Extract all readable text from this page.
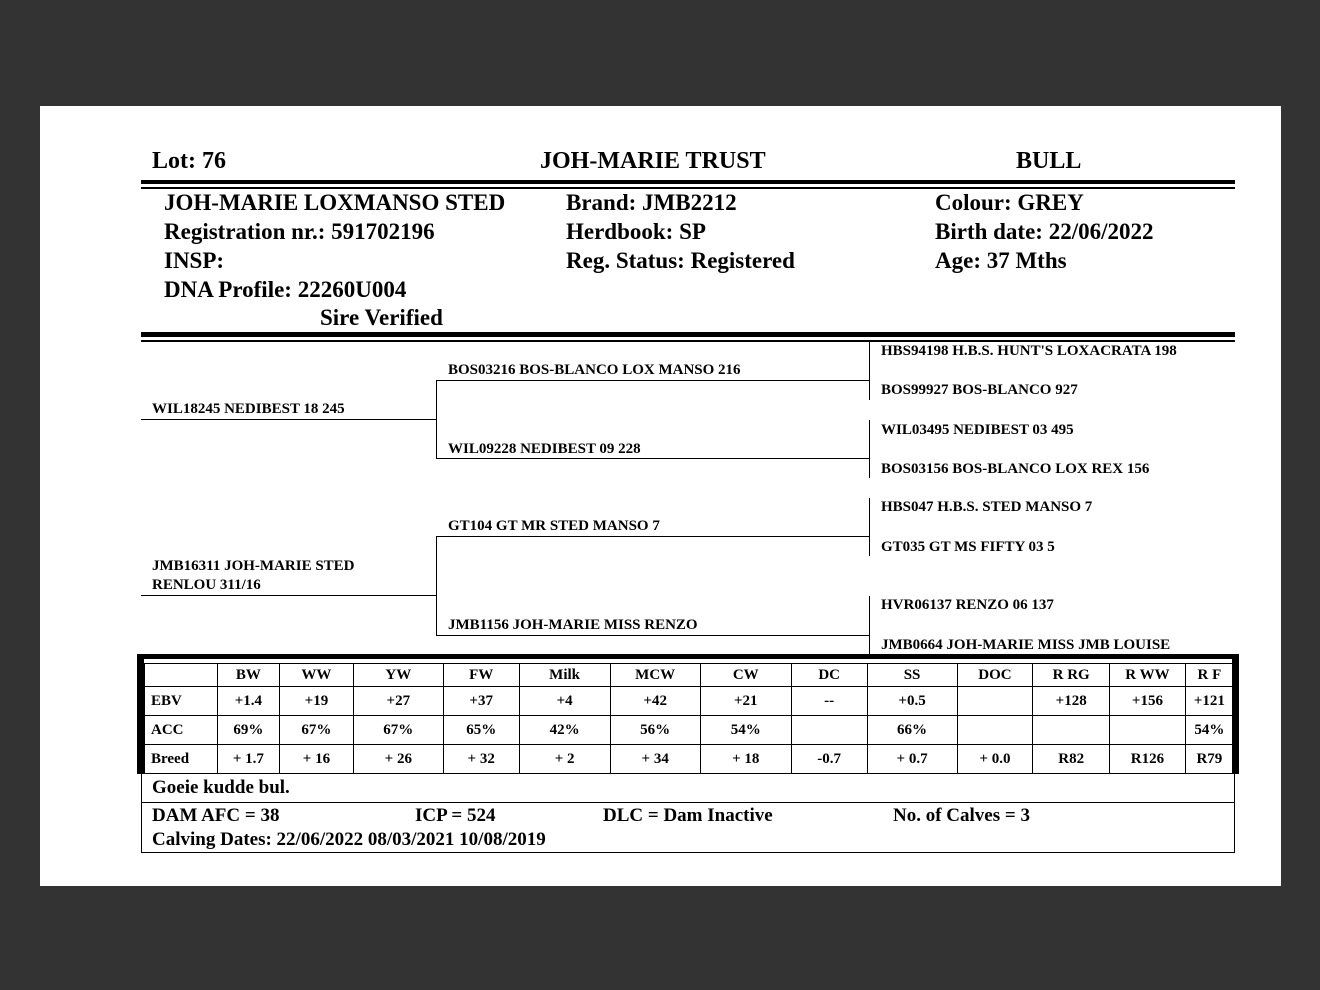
Lot: 76	JOH-MARIE TRUST	BULL
JOH-MARIE LOXMANSO STED
Registration nr.: 591702196
INSP:
DNA Profile: 22260U004
Sire Verified
Brand: JMB2212
Herdbook: SP
Reg. Status: Registered
Colour: GREY
Birth date: 22/06/2022
Age: 37 Mths
WIL18245 NEDIBEST 18 245
JMB16311 JOH-MARIE STED
RENLOU 311/16
BOS03216 BOS-BLANCO LOX MANSO 216
WIL09228 NEDIBEST 09 228
GT104 GT MR STED MANSO 7
JMB1156 JOH-MARIE MISS RENZO
HBS94198 H.B.S. HUNT'S LOXACRATA 198
BOS99927 BOS-BLANCO 927
WIL03495 NEDIBEST 03 495
BOS03156 BOS-BLANCO LOX REX 156
HBS047 H.B.S. STED MANSO 7
GT035 GT MS FIFTY 03 5
HVR06137 RENZO 06 137
JMB0664 JOH-MARIE MISS JMB LOUISE
	BW	WW	YW	FW	Milk	MCW	CW	DC	SS	DOC	R RG	R WW	R F
EBV	+1.4	+19	+27	+37	+4	+42	+21	--	+0.5		+128	+156	+121
ACC	69%	67%	67%	65%	42%	56%	54%		66%				54%
Breed	+ 1.7	+ 16	+ 26	+ 32	+ 2	+ 34	+ 18	-0.7	+ 0.7	+ 0.0	R82	R126	R79
Goeie kudde bul.
DAM AFC = 38	ICP = 524	DLC = Dam Inactive	No. of Calves = 3
Calving Dates: 22/06/2022 08/03/2021 10/08/2019
